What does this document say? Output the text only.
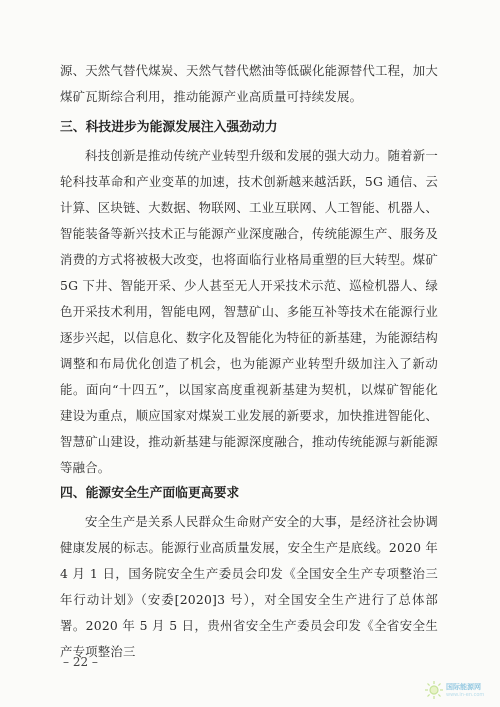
源、天然气替代煤炭、天然气替代燃油等低碳化能源替代工程，加大煤矿瓦斯综合利用，推动能源产业高质量可持续发展。

三、科技进步为能源发展注入强劲动力

科技创新是推动传统产业转型升级和发展的强大动力。随着新一轮科技革命和产业变革的加速，技术创新越来越活跃，5G 通信、云计算、区块链、大数据、物联网、工业互联网、人工智能、机器人、智能装备等新兴技术正与能源产业深度融合，传统能源生产、服务及消费的方式将被极大改变，也将面临行业格局重塑的巨大转型。煤矿 5G 下井、智能开采、少人甚至无人开采技术示范、巡检机器人、绿色开采技术利用，智能电网，智慧矿山、多能互补等技术在能源行业逐步兴起，以信息化、数字化及智能化为特征的新基建，为能源结构调整和布局优化创造了机会，也为能源产业转型升级加注入了新动能。面向“十四五”，以国家高度重视新基建为契机，以煤矿智能化建设为重点，顺应国家对煤炭工业发展的新要求，加快推进智能化、智慧矿山建设，推动新基建与能源深度融合，推动传统能源与新能源等融合。

四、能源安全生产面临更高要求

安全生产是关系人民群众生命财产安全的大事，是经济社会协调健康发展的标志。能源行业高质量发展，安全生产是底线。2020 年 4 月 1 日，国务院安全生产委员会印发《全国安全生产专项整治三年行动计划》（安委[2020]3 号），对全国安全生产进行了总体部署。2020 年 5 月 5 日，贵州省安全生产委员会印发《全省安全生产专项整治三

– 22 –
国际能源网
www.in-en.com
